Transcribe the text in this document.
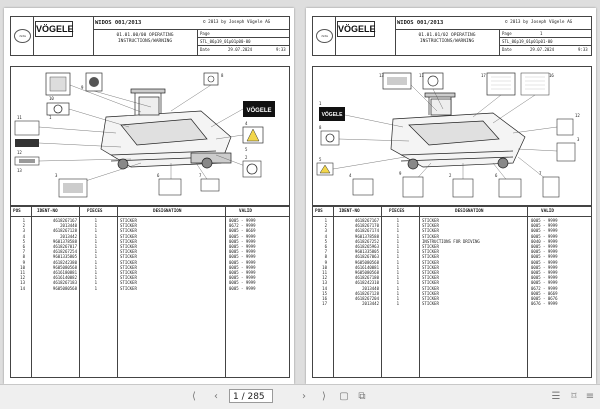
JVAG
VÖGELE
WIDOS 001/2013	© 2013 by Joseph Vögele AG
01.01.00/00 OPERATING
INSTRUCTIONS/WARNING
Page
STL_06p19_01p01p00-00
Date	29.07.2024	9:33
VÖGELE
10
9
8
1
4
5
11
12
13
3	6	7
2
POS	IDENT-NO	PIECES	DESIGNATION	VALID
1	4618267167	1	STICKER	0005 - 9999
2	2013440	1	STICKER	0672 - 9999
3	4618267128	1	STICKER	0005 - 0669
4	2013442	1	STICKER	0005 - 9999
5	9601378588	1	STICKER	0005 - 9999
6	4618267017	1	STICKER	0005 - 9999
7	4618267254	1	STICKER	0005 - 9999
8	9601335805	1	STICKER	0005 - 9999
9	4618242380	1	STICKER	0005 - 9999
10	9605080568	1	STICKER	0005 - 9999
11	4616180881	1	STICKER	0005 - 9999
12	4616140082	1	STICKER	0005 - 9999
13	4618267183	1	STICKER	0005 - 9999
14	9605080568	1	STICKER	0005 - 9999
JVAG
VÖGELE
WIDOS 001/2013	© 2013 by Joseph Vögele AG
01.01.01/02 OPERATING
INSTRUCTIONS/WARNING
Page	1
STL_06p19_01p01p01-00
Date	29.07.2024	9:33
VÖGELE
13	11	17	16
1
8
5
12
3
4	9	2	6	7
POS	IDENT-NO	PIECES	DESIGNATION	VALID
1	4618267167	1	STICKER	0005 - 9999
2	4618267170	1	STICKER	0005 - 9999
3	4618267174	1	STICKER	0005 - 9999
4	9601378588	1	STICKER	0005 - 9999
5	4618267252	1	INSTRUCTIONS FOR DRIVING	0040 - 9999
6	4618265963	1	STICKER	0005 - 9999
7	9601335805	1	STICKER	0005 - 9999
8	4618267063	1	STICKER	0005 - 9999
9	9605080568	1	STICKER	0005 - 9999
10	4616140081	1	STICKER	0005 - 9999
11	9605080568	1	STICKER	0005 - 9999
12	4618267180	1	STICKER	0005 - 9999
13	4618242310	1	STICKER	0005 - 9999
14	2013440	1	STICKER	0672 - 9999
15	4618267128	1	STICKER	0005 - 0669
16	4618267204	1	STICKER	0005 - 0676
17	2013442	1	STICKER	0676 - 9999
⟨	‹	1 / 285	›	⟩	▢ ⧉	☰	⌑ ≡
